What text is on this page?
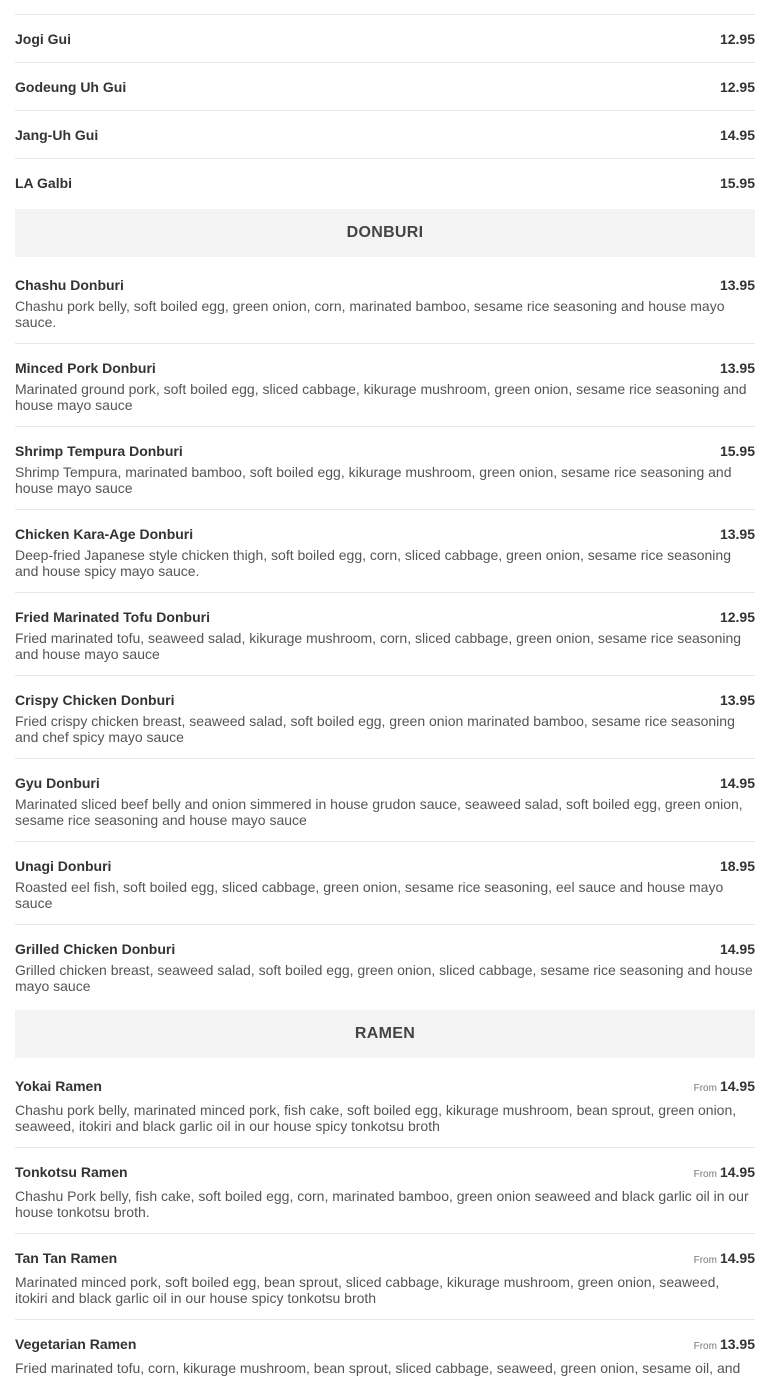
Jogi Gui	12.95
Godeung Uh Gui	12.95
Jang-Uh Gui	14.95
LA Galbi	15.95
DONBURI
Chashu Donburi	13.95
Chashu pork belly, soft boiled egg, green onion, corn, marinated bamboo, sesame rice seasoning and house mayo sauce.
Minced Pork Donburi	13.95
Marinated ground pork, soft boiled egg, sliced cabbage, kikurage mushroom, green onion, sesame rice seasoning and house mayo sauce
Shrimp Tempura Donburi	15.95
Shrimp Tempura, marinated bamboo, soft boiled egg, kikurage mushroom, green onion, sesame rice seasoning and house mayo sauce
Chicken Kara-Age Donburi	13.95
Deep-fried Japanese style chicken thigh, soft boiled egg, corn, sliced cabbage, green onion, sesame rice seasoning and house spicy mayo sauce.
Fried Marinated Tofu Donburi	12.95
Fried marinated tofu, seaweed salad, kikurage mushroom, corn, sliced cabbage, green onion, sesame rice seasoning and house mayo sauce
Crispy Chicken Donburi	13.95
Fried crispy chicken breast, seaweed salad, soft boiled egg, green onion marinated bamboo, sesame rice seasoning and chef spicy mayo sauce
Gyu Donburi	14.95
Marinated sliced beef belly and onion simmered in house grudon sauce, seaweed salad, soft boiled egg, green onion, sesame rice seasoning and house mayo sauce
Unagi Donburi	18.95
Roasted eel fish, soft boiled egg, sliced cabbage, green onion, sesame rice seasoning, eel sauce and house mayo sauce
Grilled Chicken Donburi	14.95
Grilled chicken breast, seaweed salad, soft boiled egg, green onion, sliced cabbage, sesame rice seasoning and house mayo sauce
RAMEN
Yokai Ramen	From 14.95
Chashu pork belly, marinated minced pork, fish cake, soft boiled egg, kikurage mushroom, bean sprout, green onion, seaweed, itokiri and black garlic oil in our house spicy tonkotsu broth
Tonkotsu Ramen	From 14.95
Chashu Pork belly, fish cake, soft boiled egg, corn, marinated bamboo, green onion seaweed and black garlic oil in our house tonkotsu broth.
Tan Tan Ramen	From 14.95
Marinated minced pork, soft boiled egg, bean sprout, sliced cabbage, kikurage mushroom, green onion, seaweed, itokiri and black garlic oil in our house spicy tonkotsu broth
Vegetarian Ramen	From 13.95
Fried marinated tofu, corn, kikurage mushroom, bean sprout, sliced cabbage, seaweed, green onion, sesame oil, and
